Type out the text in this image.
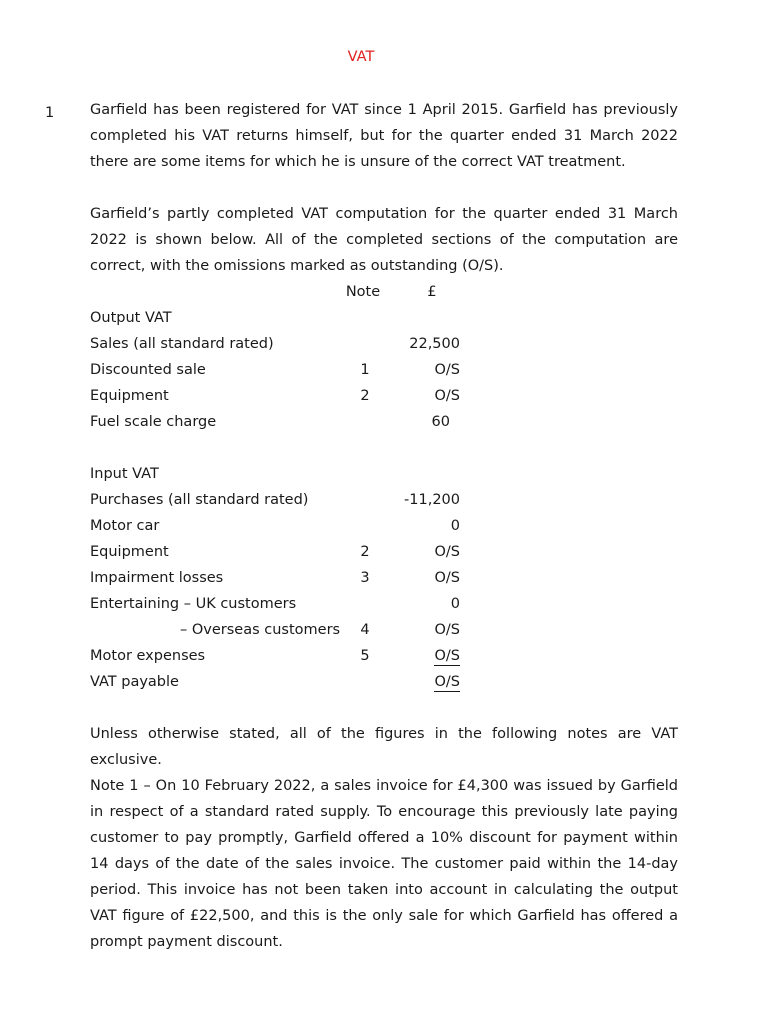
VAT
1 Garfield has been registered for VAT since 1 April 2015. Garfield has previously completed his VAT returns himself, but for the quarter ended 31 March 2022 there are some items for which he is unsure of the correct VAT treatment.

Garfield’s partly completed VAT computation for the quarter ended 31 March 2022 is shown below. All of the completed sections of the computation are correct, with the omissions marked as outstanding (O/S).

Note	£
Output VAT
Sales (all standard rated)	22,500
Discounted sale	1	O/S
Equipment	2	O/S
Fuel scale charge	60
Input VAT
Purchases (all standard rated)	-11,200
Motor car	0
Equipment	2	O/S
Impairment losses	3	O/S
Entertaining – UK customers	0
– Overseas customers	4	O/S
Motor expenses	5	O/S
VAT payable	O/S

Unless otherwise stated, all of the figures in the following notes are VAT exclusive.

Note 1 – On 10 February 2022, a sales invoice for £4,300 was issued by Garfield in respect of a standard rated supply. To encourage this previously late paying customer to pay promptly, Garfield offered a 10% discount for payment within 14 days of the date of the sales invoice. The customer paid within the 14-day period. This invoice has not been taken into account in calculating the output VAT figure of £22,500, and this is the only sale for which Garfield has offered a prompt payment discount.
